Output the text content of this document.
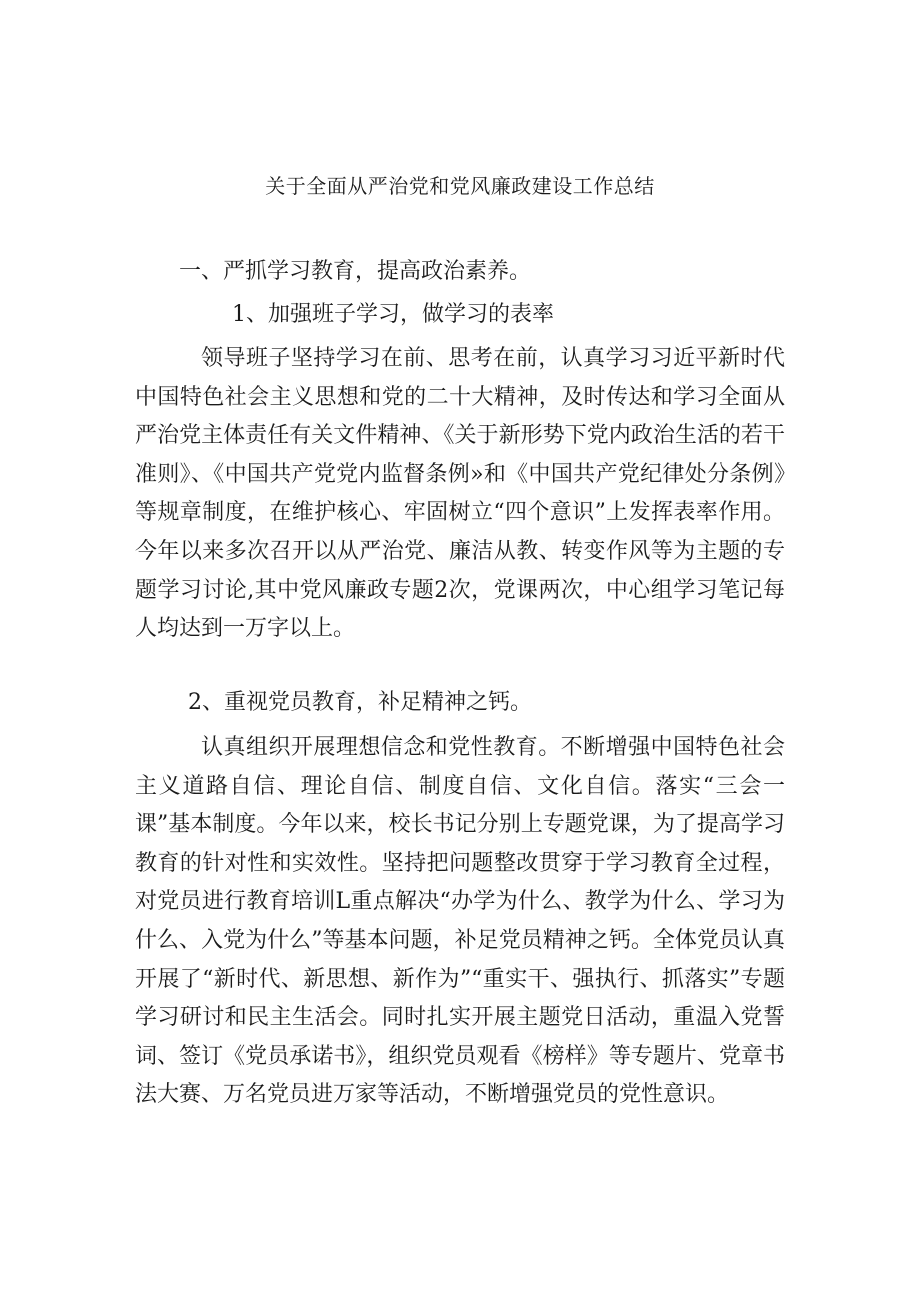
关于全面从严治党和党风廉政建设工作总结
一、严抓学习教育，提高政治素养。
1、加强班子学习，做学习的表率
领导班子坚持学习在前、思考在前，认真学习习近平新时代中国特色社会主义思想和党的二十大精神，及时传达和学习全面从严治党主体责任有关文件精神、《关于新形势下党内政治生活的若干准则》、《中国共产党党内监督条例»和《中国共产党纪律处分条例》等规章制度，在维护核心、牢固树立“四个意识”上发挥表率作用。今年以来多次召开以从严治党、廉洁从教、转变作风等为主题的专题学习讨论,其中党风廉政专题2次，党课两次，中心组学习笔记每人均达到一万字以上。
2、重视党员教育，补足精神之钙。
认真组织开展理想信念和党性教育。不断增强中国特色社会主义道路自信、理论自信、制度自信、文化自信。落实“三会一课”基本制度。今年以来，校长书记分别上专题党课，为了提高学习教育的针对性和实效性。坚持把问题整改贯穿于学习教育全过程，对党员进行教育培训L重点解决“办学为什么、教学为什么、学习为什么、入党为什么”等基本问题，补足党员精神之钙。全体党员认真开展了“新时代、新思想、新作为”“重实干、强执行、抓落实”专题学习研讨和民主生活会。同时扎实开展主题党日活动，重温入党誓词、签订《党员承诺书》，组织党员观看《榜样》等专题片、党章书法大赛、万名党员进万家等活动，不断增强党员的党性意识。
